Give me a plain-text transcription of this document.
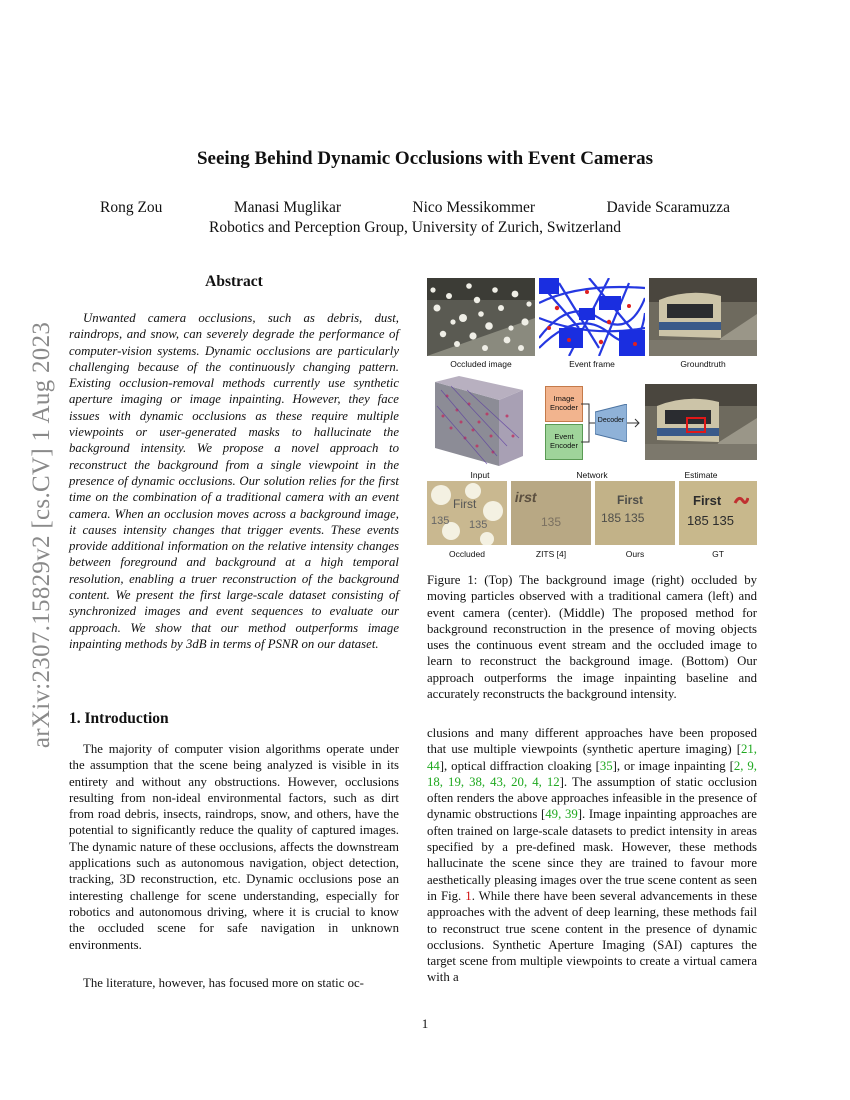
arXiv:2307.15829v2 [cs.CV] 1 Aug 2023
Seeing Behind Dynamic Occlusions with Event Cameras
Rong Zou	Manasi Muglikar	Nico Messikommer	Davide Scaramuzza
Robotics and Perception Group, University of Zurich, Switzerland
Abstract

Unwanted camera occlusions, such as debris, dust, raindrops, and snow, can severely degrade the performance of computer-vision systems. Dynamic occlusions are particularly challenging because of the continuously changing pattern. Existing occlusion-removal methods currently use synthetic aperture imaging or image inpainting. However, they face issues with dynamic occlusions as these require multiple viewpoints or user-generated masks to hallucinate the background intensity. We propose a novel approach to reconstruct the background from a single viewpoint in the presence of dynamic occlusions. Our solution relies for the first time on the combination of a traditional camera with an event camera. When an occlusion moves across a background image, it causes intensity changes that trigger events. These events provide additional information on the relative intensity changes between foreground and background at a high temporal resolution, enabling a truer reconstruction of the background content. We present the first large-scale dataset consisting of synchronized images and event sequences to evaluate our approach. We show that our method outperforms image inpainting methods by 3dB in terms of PSNR on our dataset.

1. Introduction

The majority of computer vision algorithms operate under the assumption that the scene being analyzed is visible in its entirety and without any obstructions. However, occlusions resulting from non-ideal environmental factors, such as dirt from road debris, insects, raindrops, snow, and others, have the potential to significantly reduce the quality of captured images. The dynamic nature of these occlusions, affects the downstream applications such as autonomous navigation, object detection, tracking, 3D reconstruction, etc. Dynamic occlusions pose an interesting challenge for scene understanding, especially for robotics and autonomous driving, where it is crucial to know the occluded scene for safe navigation in unknown environments.

The literature, however, has focused more on static oc-

Occluded image	Event frame	Groundtruth
Image
Encoder
Event
Encoder
Decoder
Input	Network	Estimate
First
135 135
irst
135
First
185 135
First
185 135
Occluded	ZITS [4]	Ours	GT

Figure 1: (Top) The background image (right) occluded by moving particles observed with a traditional camera (left) and event camera (center). (Middle) The proposed method for background reconstruction in the presence of moving objects uses the continuous event stream and the occluded image to learn to reconstruct the background image. (Bottom) Our approach outperforms the image inpainting baseline and accurately reconstructs the background intensity.

clusions and many different approaches have been proposed that use multiple viewpoints (synthetic aperture imaging) [21, 44], optical diffraction cloaking [35], or image inpainting [2, 9, 18, 19, 38, 43, 20, 4, 12]. The assumption of static occlusion often renders the above approaches infeasible in the presence of dynamic obstructions [49, 39]. Image inpainting approaches are often trained on large-scale datasets to predict intensity in areas specified by a pre-defined mask. However, these methods hallucinate the scene since they are trained to favour more aesthetically pleasing images over the true scene content as seen in Fig. 1. While there have been several advancements in these approaches with the advent of deep learning, these methods fail to reconstruct true scene content in the presence of dynamic occlusions. Synthetic Aperture Imaging (SAI) captures the target scene from multiple viewpoints to create a virtual camera with a

1
